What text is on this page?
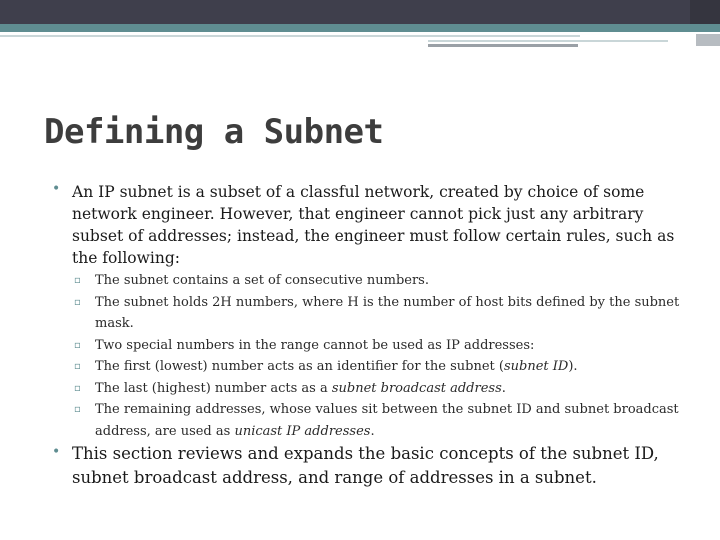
Defining a Subnet
• An IP subnet is a subset of a classful network, created by choice of some network engineer. However, that engineer cannot pick just any arbitrary subset of addresses; instead, the engineer must follow certain rules, such as the following:
▫ The subnet contains a set of consecutive numbers.
▫ The subnet holds 2H numbers, where H is the number of host bits defined by the subnet mask.
▫ Two special numbers in the range cannot be used as IP addresses:
▫ The first (lowest) number acts as an identifier for the subnet (subnet ID).
▫ The last (highest) number acts as a subnet broadcast address.
▫ The remaining addresses, whose values sit between the subnet ID and subnet broadcast address, are used as unicast IP addresses.
• This section reviews and expands the basic concepts of the subnet ID, subnet broadcast address, and range of addresses in a subnet.
